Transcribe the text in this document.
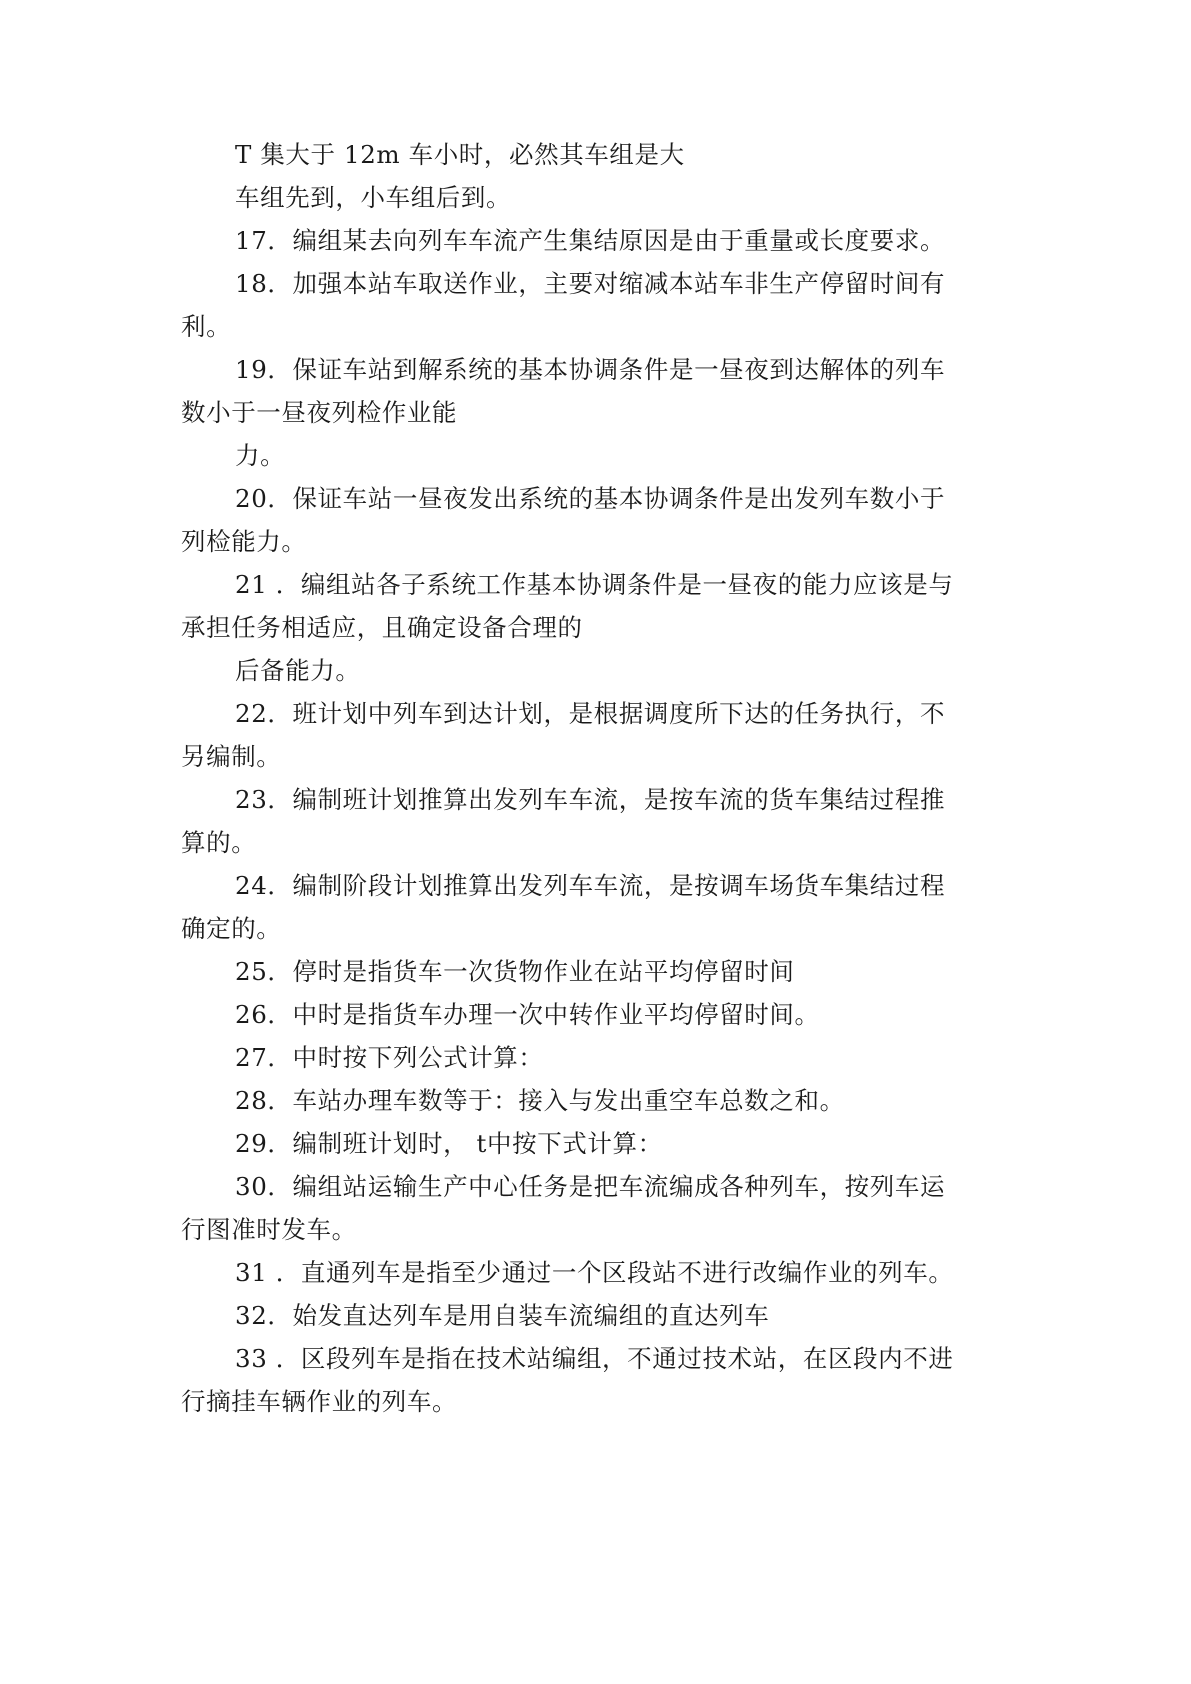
T 集大于 12m 车小时，必然其车组是大
车组先到，小车组后到。
17．编组某去向列车车流产生集结原因是由于重量或长度要求。
18．加强本站车取送作业，主要对缩减本站车非生产停留时间有
利。
19．保证车站到解系统的基本协调条件是一昼夜到达解体的列车
数小于一昼夜列检作业能
力。
20．保证车站一昼夜发出系统的基本协调条件是出发列车数小于
列检能力。
21 ．编组站各子系统工作基本协调条件是一昼夜的能力应该是与
承担任务相适应，且确定设备合理的
后备能力。
22．班计划中列车到达计划，是根据调度所下达的任务执行，不
另编制。
23．编制班计划推算出发列车车流，是按车流的货车集结过程推
算的。
24．编制阶段计划推算出发列车车流，是按调车场货车集结过程
确定的。
25．停时是指货车一次货物作业在站平均停留时间
26．中时是指货车办理一次中转作业平均停留时间。
27．中时按下列公式计算：
28．车站办理车数等于：接入与发出重空车总数之和。
29．编制班计划时， t中按下式计算：
30．编组站运输生产中心任务是把车流编成各种列车，按列车运
行图准时发车。
31 ．直通列车是指至少通过一个区段站不进行改编作业的列车。
32．始发直达列车是用自装车流编组的直达列车
33 ．区段列车是指在技术站编组，不通过技术站，在区段内不进
行摘挂车辆作业的列车。
